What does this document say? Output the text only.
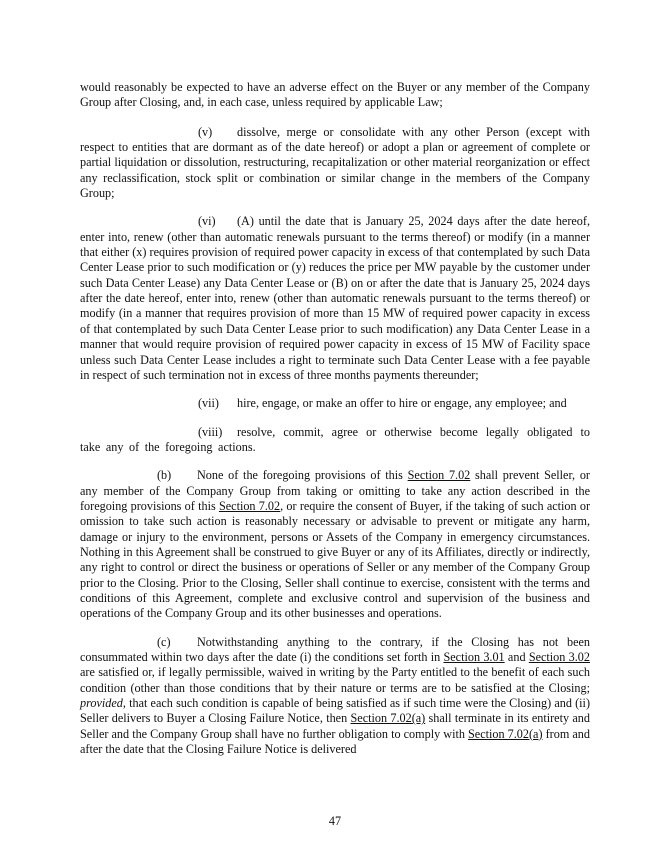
would reasonably be expected to have an adverse effect on the Buyer or any member of the Company Group after Closing, and, in each case, unless required by applicable Law;

(v) dissolve, merge or consolidate with any other Person (except with respect to entities that are dormant as of the date hereof) or adopt a plan or agreement of complete or partial liquidation or dissolution, restructuring, recapitalization or other material reorganization or effect any reclassification, stock split or combination or similar change in the members of the Company Group;

(vi) (A) until the date that is January 25, 2024 days after the date hereof, enter into, renew (other than automatic renewals pursuant to the terms thereof) or modify (in a manner that either (x) requires provision of required power capacity in excess of that contemplated by such Data Center Lease prior to such modification or (y) reduces the price per MW payable by the customer under such Data Center Lease) any Data Center Lease or (B) on or after the date that is January 25, 2024 days after the date hereof, enter into, renew (other than automatic renewals pursuant to the terms thereof) or modify (in a manner that requires provision of more than 15 MW of required power capacity in excess of that contemplated by such Data Center Lease prior to such modification) any Data Center Lease in a manner that would require provision of required power capacity in excess of 15 MW of Facility space unless such Data Center Lease includes a right to terminate such Data Center Lease with a fee payable in respect of such termination not in excess of three months payments thereunder;

(vii) hire, engage, or make an offer to hire or engage, any employee; and

(viii) resolve, commit, agree or otherwise become legally obligated to take any of the foregoing actions.

(b) None of the foregoing provisions of this Section 7.02 shall prevent Seller, or any member of the Company Group from taking or omitting to take any action described in the foregoing provisions of this Section 7.02, or require the consent of Buyer, if the taking of such action or omission to take such action is reasonably necessary or advisable to prevent or mitigate any harm, damage or injury to the environment, persons or Assets of the Company in emergency circumstances. Nothing in this Agreement shall be construed to give Buyer or any of its Affiliates, directly or indirectly, any right to control or direct the business or operations of Seller or any member of the Company Group prior to the Closing. Prior to the Closing, Seller shall continue to exercise, consistent with the terms and conditions of this Agreement, complete and exclusive control and supervision of the business and operations of the Company Group and its other businesses and operations.

(c) Notwithstanding anything to the contrary, if the Closing has not been consummated within two days after the date (i) the conditions set forth in Section 3.01 and Section 3.02 are satisfied or, if legally permissible, waived in writing by the Party entitled to the benefit of each such condition (other than those conditions that by their nature or terms are to be satisfied at the Closing; provided, that each such condition is capable of being satisfied as if such time were the Closing) and (ii) Seller delivers to Buyer a Closing Failure Notice, then Section 7.02(a) shall terminate in its entirety and Seller and the Company Group shall have no further obligation to comply with Section 7.02(a) from and after the date that the Closing Failure Notice is delivered

47
